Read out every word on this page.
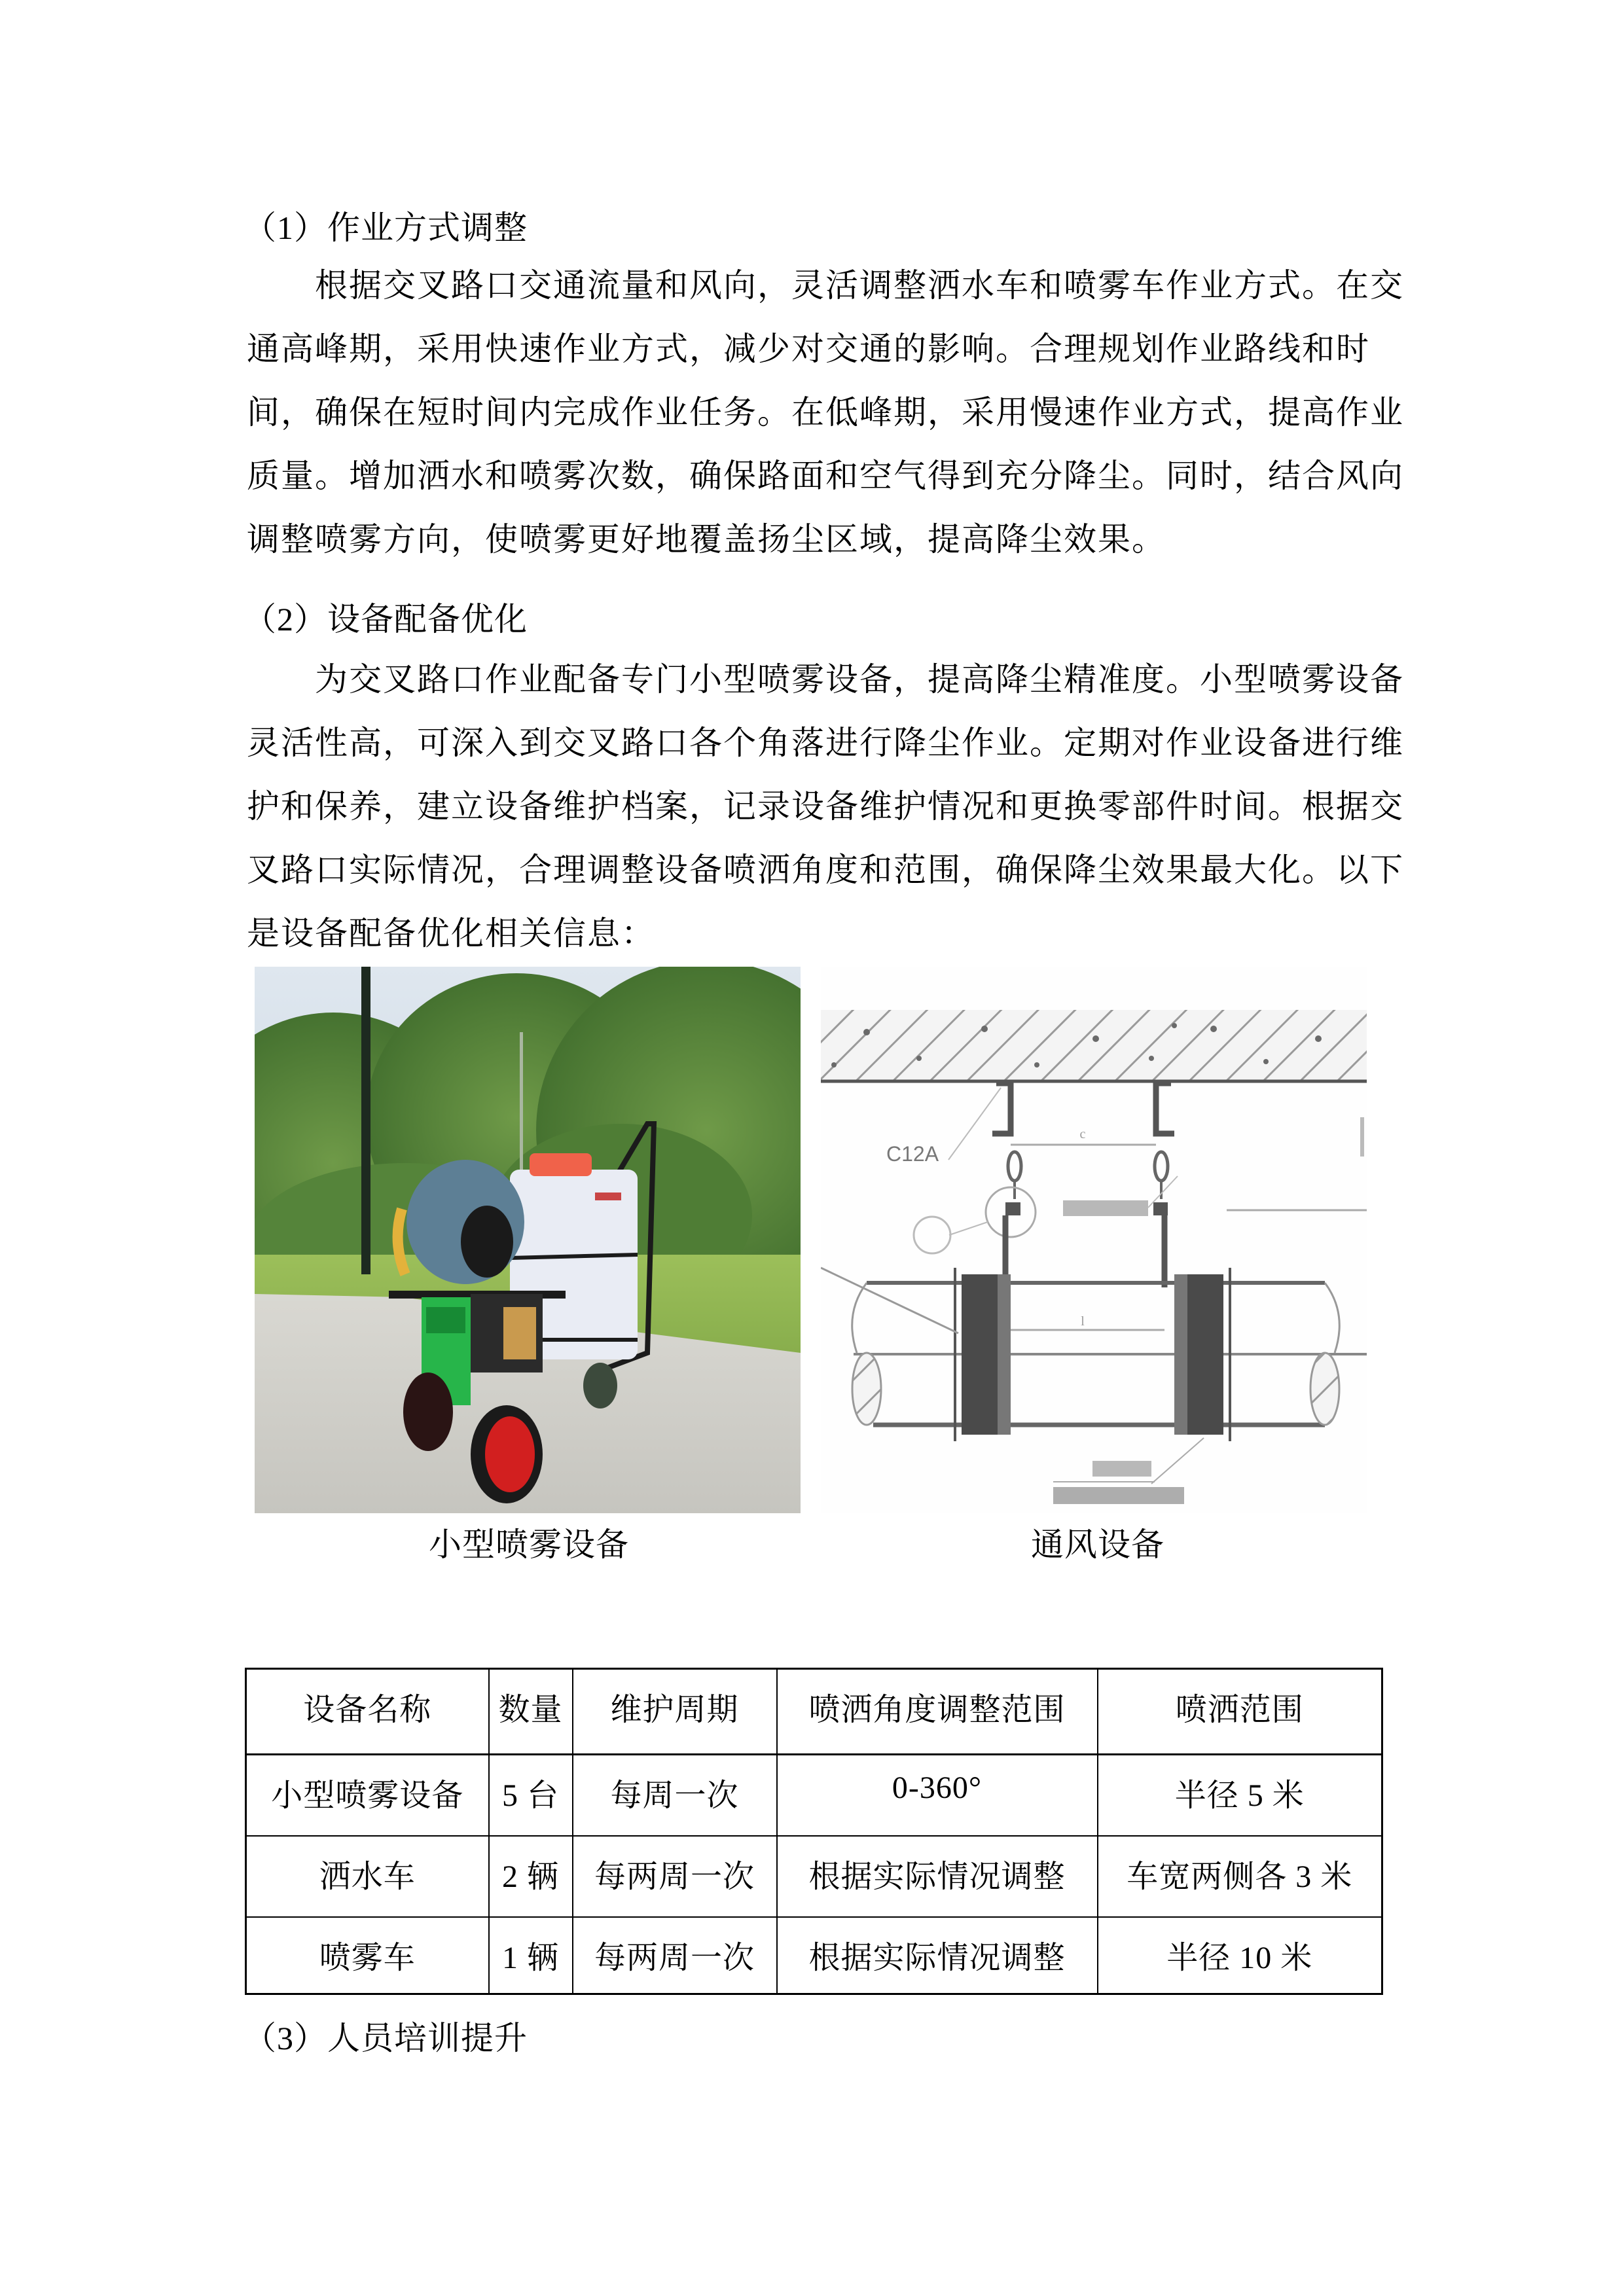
（1）作业方式调整
根据交叉路口交通流量和风向，灵活调整洒水车和喷雾车作业方式。在交
通高峰期，采用快速作业方式，减少对交通的影响。合理规划作业路线和时
间，确保在短时间内完成作业任务。在低峰期，采用慢速作业方式，提高作业
质量。增加洒水和喷雾次数，确保路面和空气得到充分降尘。同时，结合风向
调整喷雾方向，使喷雾更好地覆盖扬尘区域，提高降尘效果。
（2）设备配备优化
为交叉路口作业配备专门小型喷雾设备，提高降尘精准度。小型喷雾设备
灵活性高，可深入到交叉路口各个角落进行降尘作业。定期对作业设备进行维
护和保养，建立设备维护档案，记录设备维护情况和更换零部件时间。根据交
叉路口实际情况，合理调整设备喷洒角度和范围，确保降尘效果最大化。以下
是设备配备优化相关信息：
c
C12A
l
小型喷雾设备	通风设备
设备名称	数量	维护周期	喷洒角度调整范围	喷洒范围
小型喷雾设备	5 台	每周一次	0-360°	半径 5 米
洒水车	2 辆	每两周一次	根据实际情况调整	车宽两侧各 3 米
喷雾车	1 辆	每两周一次	根据实际情况调整	半径 10 米
（3）人员培训提升
